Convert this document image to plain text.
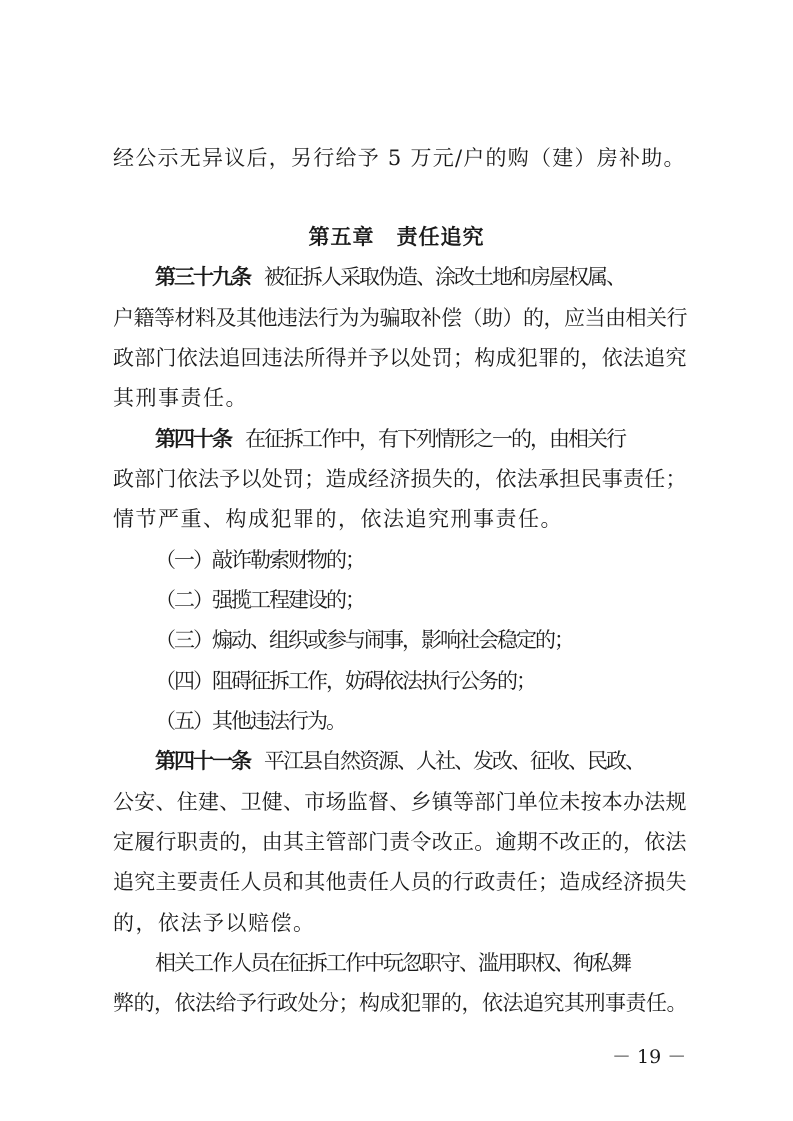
经公示无异议后，另行给予 5 万元/户的购（建）房补助。
第五章　责任追究
第三十九条 被征拆人采取伪造、涂改土地和房屋权属、
户籍等材料及其他违法行为为骗取补偿（助）的，应当由相关行
政部门依法追回违法所得并予以处罚；构成犯罪的，依法追究
其刑事责任。
第四十条 在征拆工作中，有下列情形之一的，由相关行
政部门依法予以处罚；造成经济损失的，依法承担民事责任；
情节严重、构成犯罪的，依法追究刑事责任。
（一）敲诈勒索财物的；
（二）强揽工程建设的；
（三）煽动、组织或参与闹事，影响社会稳定的；
（四）阻碍征拆工作，妨碍依法执行公务的；
（五）其他违法行为。
第四十一条 平江县自然资源、人社、发改、征收、民政、
公安、住建、卫健、市场监督、乡镇等部门单位未按本办法规
定履行职责的，由其主管部门责令改正。逾期不改正的，依法
追究主要责任人员和其他责任人员的行政责任；造成经济损失
的，依法予以赔偿。
相关工作人员在征拆工作中玩忽职守、滥用职权、徇私舞
弊的，依法给予行政处分；构成犯罪的，依法追究其刑事责任。
－ 19 －
